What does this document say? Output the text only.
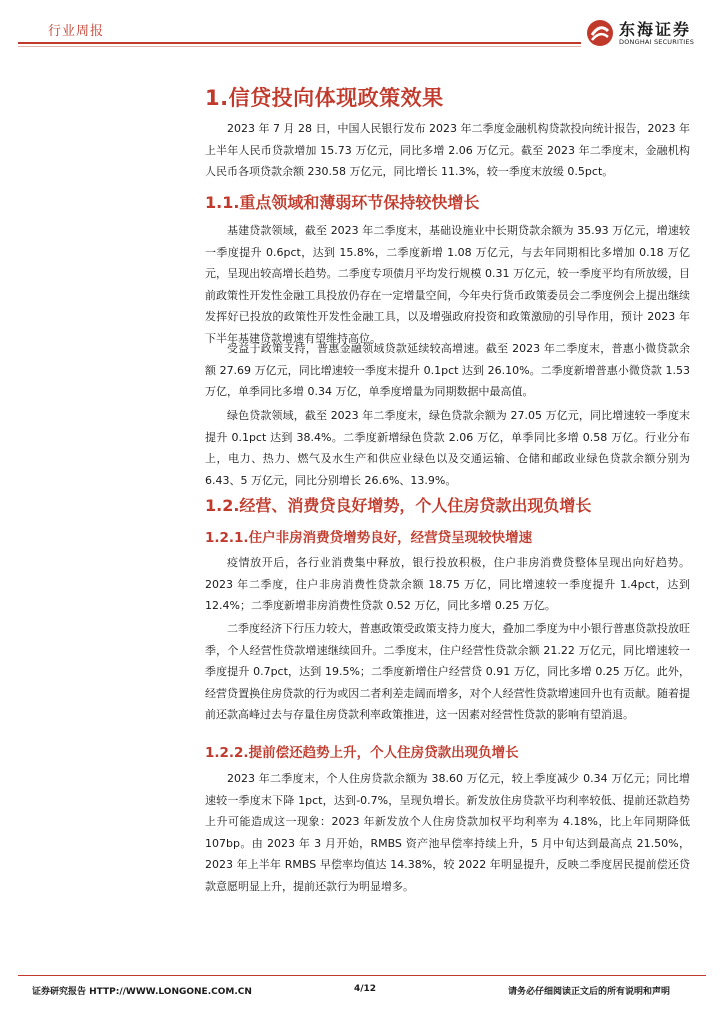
行业周报	东海证券
DONGHAI SECURITIES
1.信贷投向体现政策效果
2023 年 7 月 28 日，中国人民银行发布 2023 年二季度金融机构贷款投向统计报告，2023 年上半年人民币贷款增加 15.73 万亿元，同比多增 2.06 万亿元。截至 2023 年二季度末，金融机构人民币各项贷款余额 230.58 万亿元，同比增长 11.3%，较一季度末放缓 0.5pct。
1.1.重点领域和薄弱环节保持较快增长
基建贷款领域，截至 2023 年二季度末，基础设施业中长期贷款余额为 35.93 万亿元，增速较一季度提升 0.6pct，达到 15.8%，二季度新增 1.08 万亿元，与去年同期相比多增加 0.18 万亿元，呈现出较高增长趋势。二季度专项债月平均发行规模 0.31 万亿元，较一季度平均有所放缓，目前政策性开发性金融工具投放仍存在一定增量空间，今年央行货币政策委员会二季度例会上提出继续发挥好已投放的政策性开发性金融工具，以及增强政府投资和政策激励的引导作用，预计 2023 年下半年基建贷款增速有望维持高位。
受益于政策支持，普惠金融领域贷款延续较高增速。截至 2023 年二季度末，普惠小微贷款余额 27.69 万亿元，同比增速较一季度末提升 0.1pct 达到 26.10%。二季度新增普惠小微贷款 1.53 万亿，单季同比多增 0.34 万亿，单季度增量为同期数据中最高值。
绿色贷款领域，截至 2023 年二季度末，绿色贷款余额为 27.05 万亿元，同比增速较一季度末提升 0.1pct 达到 38.4%。二季度新增绿色贷款 2.06 万亿，单季同比多增 0.58 万亿。行业分布上，电力、热力、燃气及水生产和供应业绿色以及交通运输、仓储和邮政业绿色贷款余额分别为 6.43、5 万亿元，同比分别增长 26.6%、13.9%。
1.2.经营、消费贷良好增势，个人住房贷款出现负增长
1.2.1.住户非房消费贷增势良好，经营贷呈现较快增速
疫情放开后，各行业消费集中释放，银行投放积极，住户非房消费贷整体呈现出向好趋势。2023 年二季度，住户非房消费性贷款余额 18.75 万亿，同比增速较一季度提升 1.4pct，达到 12.4%；二季度新增非房消费性贷款 0.52 万亿，同比多增 0.25 万亿。
二季度经济下行压力较大，普惠政策受政策支持力度大，叠加二季度为中小银行普惠贷款投放旺季，个人经营性贷款增速继续回升。二季度末，住户经营性贷款余额 21.22 万亿元，同比增速较一季度提升 0.7pct，达到 19.5%；二季度新增住户经营贷 0.91 万亿，同比多增 0.25 万亿。此外，经营贷置换住房贷款的行为或因二者利差走阔而增多，对个人经营性贷款增速回升也有贡献。随着提前还款高峰过去与存量住房贷款利率政策推进，这一因素对经营性贷款的影响有望消退。
1.2.2.提前偿还趋势上升，个人住房贷款出现负增长
2023 年二季度末，个人住房贷款余额为 38.60 万亿元，较上季度减少 0.34 万亿元；同比增速较一季度末下降 1pct，达到-0.7%，呈现负增长。新发放住房贷款平均利率较低、提前还款趋势上升可能造成这一现象：2023 年新发放个人住房贷款加权平均利率为 4.18%，比上年同期降低 107bp。由 2023 年 3 月开始，RMBS 资产池早偿率持续上升，5 月中旬达到最高点 21.50%，2023 年上半年 RMBS 早偿率均值达 14.38%，较 2022 年明显提升，反映二季度居民提前偿还贷款意愿明显上升，提前还款行为明显增多。
证券研究报告 HTTP://WWW.LONGONE.COM.CN	4/12	请务必仔细阅读正文后的所有说明和声明
